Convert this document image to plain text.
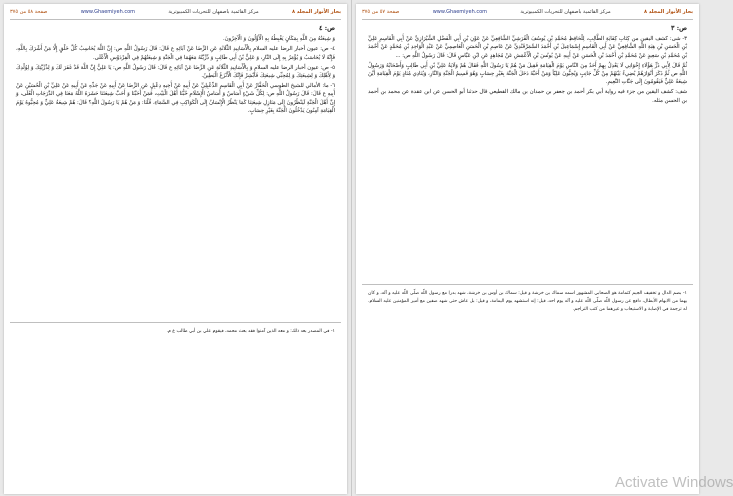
بحار الأنوار المجلد ٨
مركز القائمية باصفهان للتحريات الكمبيوترية
www.Ghaemiyeh.com
صفحة ٥٨ من ٣٧٥

ص: ٤

وَ شِيعَتُهُ مِنَ اللَّهِ بِمَكَانٍ يَغْبِطُهُ بِهِ الْأَوَّلُونَ وَ الْآخِرُونَ.

٤- ص: عيون أخبار الرضا عليه السلام بِالْأَسَانِيدِ الثَّلَاثَةِ عَنِ الرِّضَا عَنْ آبَائِهِ ع قَالَ: قَالَ رَسُولُ اللَّهِ ص: إِنَّ اللَّهَ يُحَاسِبُ كُلَّ خَلْقٍ إِلَّا مَنْ أَشْرَكَ بِاللَّهِ، فَإِنَّهُ لَا يُحَاسَبُ وَ يُؤْمَرُ بِهِ إِلَى النَّارِ، وَ عَلِيٌّ بْنُ أَبِي طَالِبٍ وَ ذُرِّيَّتُهُ مَعَهُمَا فِي الْجَنَّةِ وَ شِيعَتُهُمْ فِي الْفِرْدَوْسِ الْأَعْلَى.

٥- ص: عيون أخبار الرضا عليه السلام وَ بِالْأَسَانِيدِ الثَّلَاثَةِ عَنِ الرِّضَا عَنْ آبَائِهِ ع قَالَ: قَالَ رَسُولُ اللَّهِ ص: يَا عَلِيُّ إِنَّ اللَّهَ قَدْ غَفَرَ لَكَ وَ لِذُرِّيَّتِكَ وَ لِوُلْدِكَ وَ لِأَهْلِكَ وَ لِشِيعَتِكَ وَ لِمُحِبِّي شِيعَتِكَ فَأَبْشِرْ فَإِنَّكَ الْأَنْزَعُ الْبَطِينُ.

٦- ما: الأمالي للشيخ الطوسي الْحَفَّارُ عَنْ أَبِي الْقَاسِمِ الدِّعْبِلِيِّ عَنْ أَبِيهِ عَنْ أَخِيهِ دِعْبِلٍ عَنِ الرِّضَا عَنْ أَبِيهِ عَنْ جَدِّهِ عَنْ أَبِيهِ عَنْ عَلِيِّ بْنِ الْحُسَيْنِ عَنْ أَبِيهِ ع قَالَ: قَالَ رَسُولُ اللَّهِ ص: لِكُلِّ شَيْءٍ أَسَاسٌ وَ أَسَاسُ الْإِسْلَامِ حُبُّنَا أَهْلَ الْبَيْتِ، فَمَنْ أَحَبَّنَا وَ أَحَبَّ شِيعَتَنَا حَشَرَهُ اللَّهُ مَعَنَا فِي الدَّرَجَاتِ الْعُلَى، وَ إِنَّ أَهْلَ الْجَنَّةِ لَيَنْظُرُونَ إِلَى مَنَازِلِ شِيعَتِنَا كَمَا يَنْظُرُ الْإِنْسَانُ إِلَى الْكَوَاكِبِ فِي السَّمَاءِ، قُلْنَا: وَ مَنْ هُمْ يَا رَسُولَ اللَّهِ؟ قَالَ: هُمْ شِيعَةُ عَلِيٍّ وَ مُحِبُّوهُ يَوْمَ الْقِيَامَةِ آمِنُونَ يَدْخُلُونَ الْجَنَّةَ بِغَيْرِ حِسَابٍ.

١- في المصدر بعد ذلك: و معه الذين آمنوا فقد بعث محمد، فيقوم علي بن أبي طالب ع م.

بحار الأنوار المجلد ٨
مركز القائمية باصفهان للتحريات الكمبيوترية
www.Ghaemiyeh.com
صفحة ٥٧ من ٣٧٥

ص: ٣

٣- شى: كشف اليقين من كِتَابِ كِفَايَةِ الطَّالِبِ، لِلْحَافِظِ مُحَمَّدِ بْنِ يُوسُفَ الْقُرَشِيِّ الشَّافِعِيِّ عَنْ عَوْنِ بْنِ أَبِي الْفَضْلِ الشَّيْرَازِيِّ عَنْ أَبِي الْقَاسِمِ عَلِيِّ بْنِ الْحَسَنِ بْنِ هِبَةِ اللَّهِ الشَّافِعِيِّ عَنْ أَبِي الْقَاسِمِ إِسْمَاعِيلَ بْنِ أَحْمَدَ السَّمَرْقَنْدِيِّ عَنْ عَاصِمِ بْنِ الْحَسَنِ الْعَاصِمِيِّ عَنْ عَبْدِ الْوَاحِدِ بْنِ مُحَمَّدٍ عَنْ أَحْمَدَ بْنِ مُحَمَّدِ بْنِ سَعِيدٍ عَنْ مُحَمَّدِ بْنِ أَحْمَدَ بْنِ الْحَسَنِ عَنْ أَبِيهِ عَنْ يُونُسَ بْنِ الْأَعْمَشِ عَنْ مُجَاهِدٍ عَنِ ابْنِ عَبَّاسٍ قَالَ: قَالَ رَسُولُ اللَّهِ ص: ...

ثُمَّ قَالَ لِأَبِي ذَرٍّ هَؤُلَاءِ إِخْوَانِي لَا يَعْدِلُ بِهِمْ أَحَدٌ مِنَ النَّاسِ يَوْمَ الْقِيَامَةِ فَقِيلَ مَنْ هُمْ يَا رَسُولَ اللَّهِ فَقَالَ هُمْ وَلَايَةُ عَلِيِّ بْنِ أَبِي طَالِبٍ وَأَصْحَابُهُ وَرَسُولُ اللَّهِ ص ثُمَّ ذَكَرَ أَنْوَارَهُمْ يُضِيءُ بَيْنَهُمْ مِنْ كُلِّ جَانِبٍ وَيُحِبُّونَ عَلِيّاً وَمَنْ أَحَبَّهُ دَخَلَ الْجَنَّةَ بِغَيْرِ حِسَابٍ وَهُوَ قَسِيمُ الْجَنَّةِ وَالنَّارِ، وَيُنَادِي مُنَادٍ يَوْمَ الْقِيَامَةِ أَيْنَ شِيعَةُ عَلِيٍّ فَيَقُومُونَ إِلَى جَنَّاتِ النَّعِيمِ.

شف: كشف اليقين من جزء فيه رواية أبي بكر أحمد بن جعفر بن حمدان بن مالك القطيعي قال حدثنا أبو الحسن عن ابن عقدة عن محمد بن أحمد بن الحسن مثله.

١- بضم الدال و تخفيف الجيم كثمامة هو الصحابي المشهور اسمه سماك بن خرشة و قيل: سماك بن أوس بن خرشة، شهد بدرا مع رسول اللّه صلّى اللّه عليه و آله، و كان يهما من الابهام الأبطال، دافع عن رسول اللّه صلّى اللّه عليه و آله يوم احد، قيل: إنه استشهد يوم اليمامة، و قيل: بل عاش حتى شهد صفين مع أمير المؤمنين عليه السلام. له ترجمة في الإصابة و الاستيعاب و غيرهما من كتب التراجم.

Activate Windows
